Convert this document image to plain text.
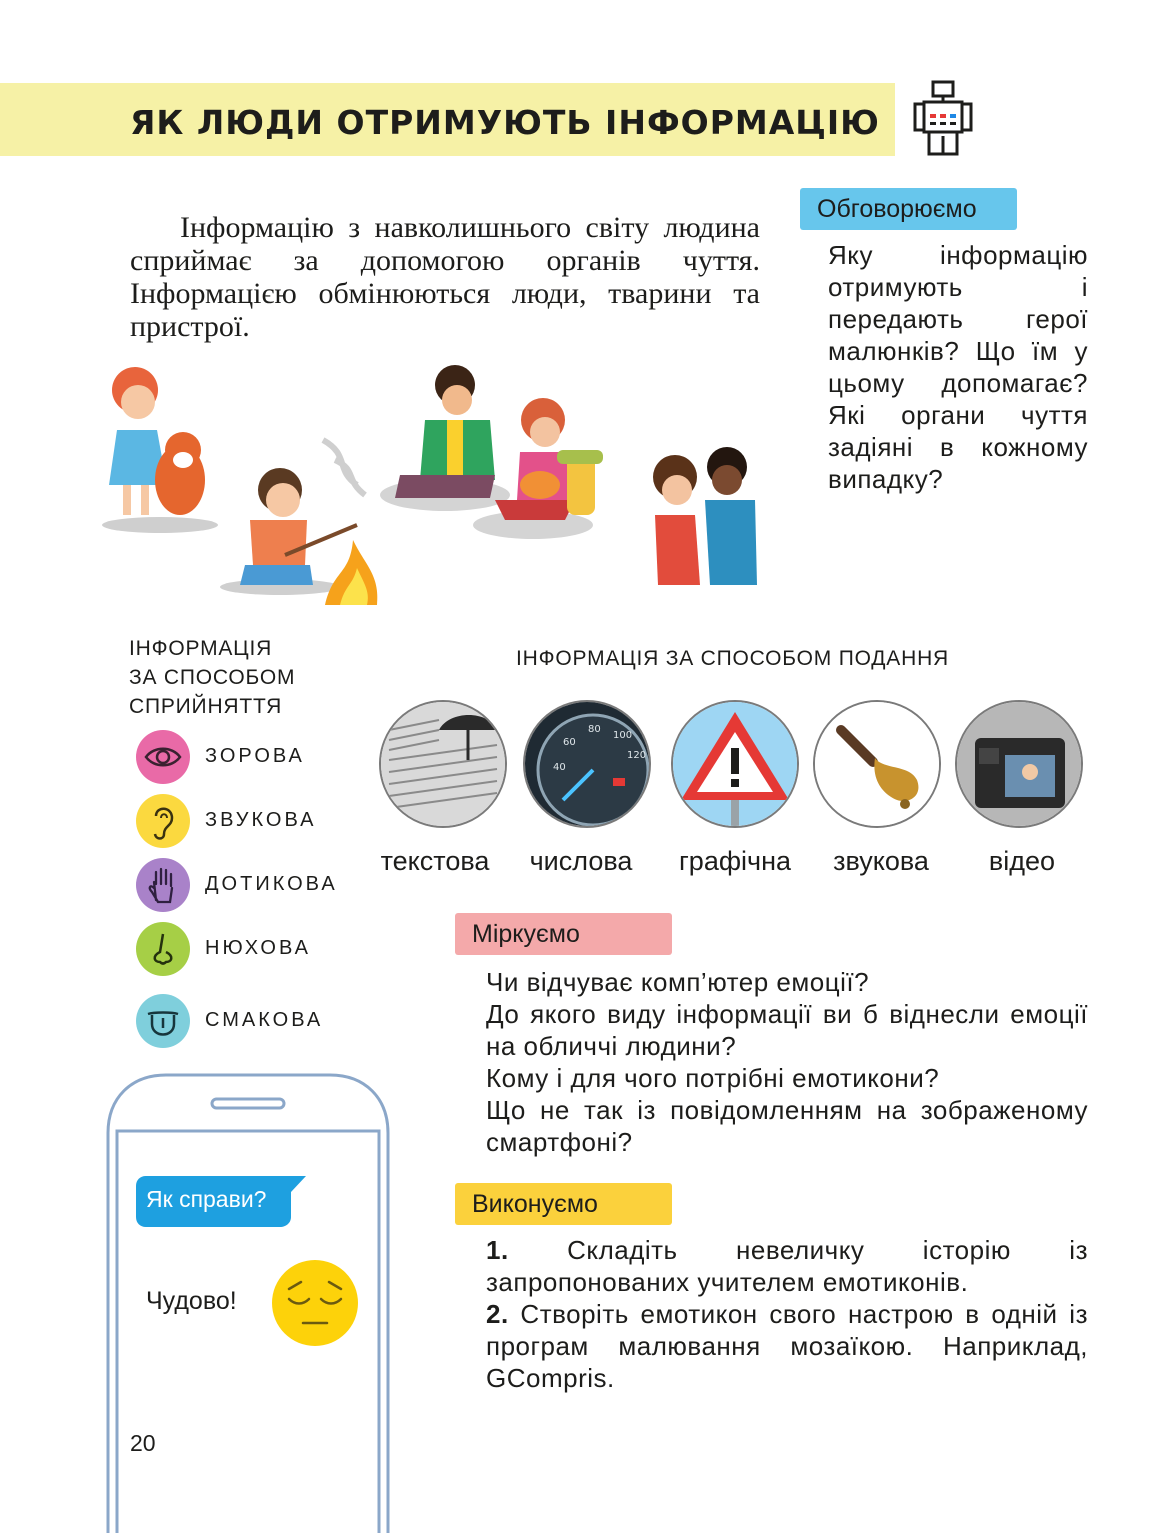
ЯК ЛЮДИ ОТРИМУЮТЬ ІНФОРМАЦІЮ

Інформацію з навколишнього світу людина сприймає за допомогою органів чуття. Інформацією обмінюються люди, тварини та пристрої.

Обговорюємо

Яку інформацію отримують і передають герої малюнків? Що їм у цьому допомагає? Які органи чуття задіяні в кожному випадку?

ІНФОРМАЦІЯ
ЗА СПОСОБОМ
СПРИЙНЯТТЯ

ЗОРОВА
ЗВУКОВА
ДОТИКОВА
НЮХОВА
СМАКОВА
ІНФОРМАЦІЯ ЗА СПОСОБОМ ПОДАННЯ
40
60
80
100
120
текстова	числова	графічна	звукова	відео
Міркуємо
Чи відчуває комп’ютер емоції?
До якого виду інформації ви б віднесли емоції на обличчі людини?
Кому і для чого потрібні емотикони?
Що не так із повідомленням на зображеному смартфоні?
Виконуємо
1. Складіть невеличку історію із запропонованих учителем емотиконів.
2. Створіть емотикон свого настрою в одній із програм малювання мозаїкою. Наприклад, GCompris.
Як справи?
Чудово!
20
